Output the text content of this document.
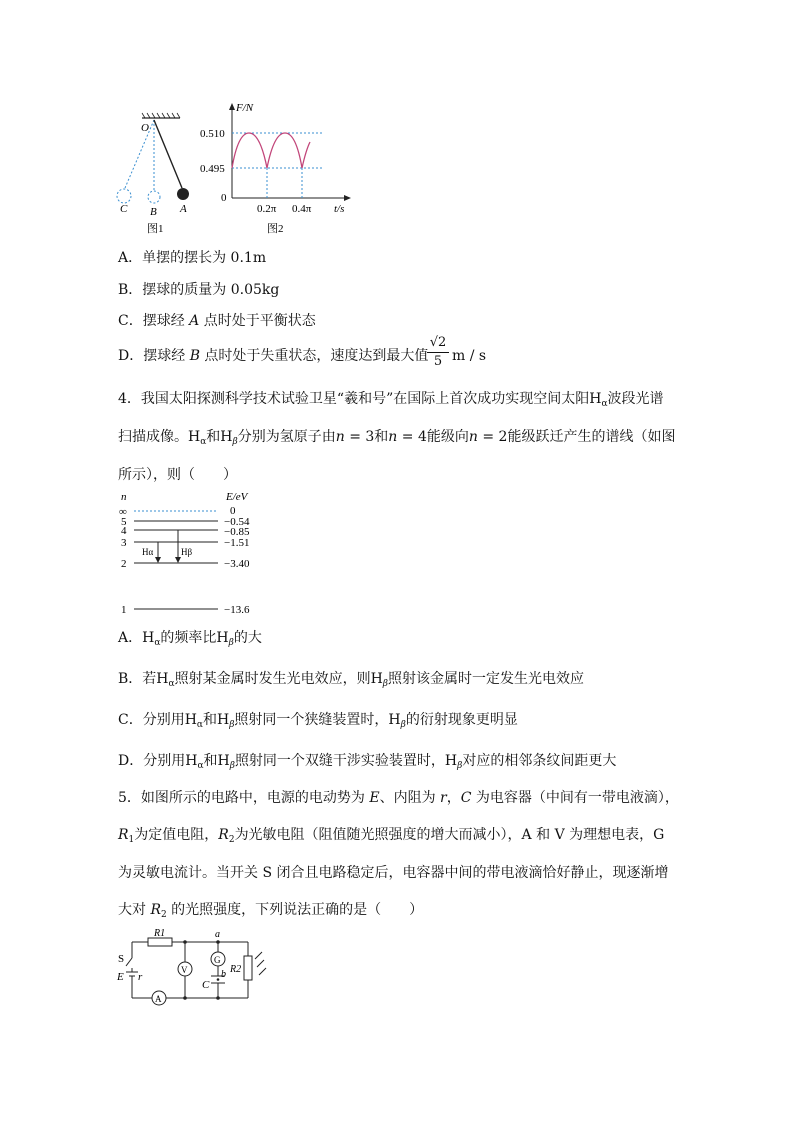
O
C B A
图1
F/N
0.510
0.495
0
0.2π 0.4π t/s
图2
A．单摆的摆长为 0.1m
B．摆球的质量为 0.05kg
C．摆球经 A 点时处于平衡状态
D．摆球经 B 点时处于失重状态，速度达到最大值
√2
5 m / s
4．我国太阳探测科学技术试验卫星“羲和号”在国际上首次成功实现空间太阳$H_\alpha$波段光谱
扫描成像。$H_\alpha$和$H_\beta$分别为氢原子由n = 3和n = 4能级向n = 2能级跃迁产生的谱线（如图
所示），则（　　）
n	E/eV
∞
5
4
3
2
1
0
−0.54
−0.85
−1.51
−3.40
−13.6
Hα	Hβ
A．$H_\alpha$的频率比$H_\beta$的大
B．若$H_\alpha$照射某金属时发生光电效应，则$H_\beta$照射该金属时一定发生光电效应
C．分别用$H_\alpha$和$H_\beta$照射同一个狭缝装置时，$H_\beta$的衍射现象更明显
D．分别用$H_\alpha$和$H_\beta$照射同一个双缝干涉实验装置时，$H_\beta$对应的相邻条纹间距更大
5．如图所示的电路中，电源的电动势为 E、内阻为 r，C 为电容器（中间有一带电液滴），
$R_1$为定值电阻，$R_2$为光敏电阻（阻值随光照强度的增大而减小），A 和 V 为理想电表，G
为灵敏电流计。当开关 S 闭合且电路稳定后，电容器中间的带电液滴恰好静止，现逐渐增
大对 $R_2$ 的光照强度，下列说法正确的是（　　）
a
b
S
E r
C
R1
R2
V
G
A
